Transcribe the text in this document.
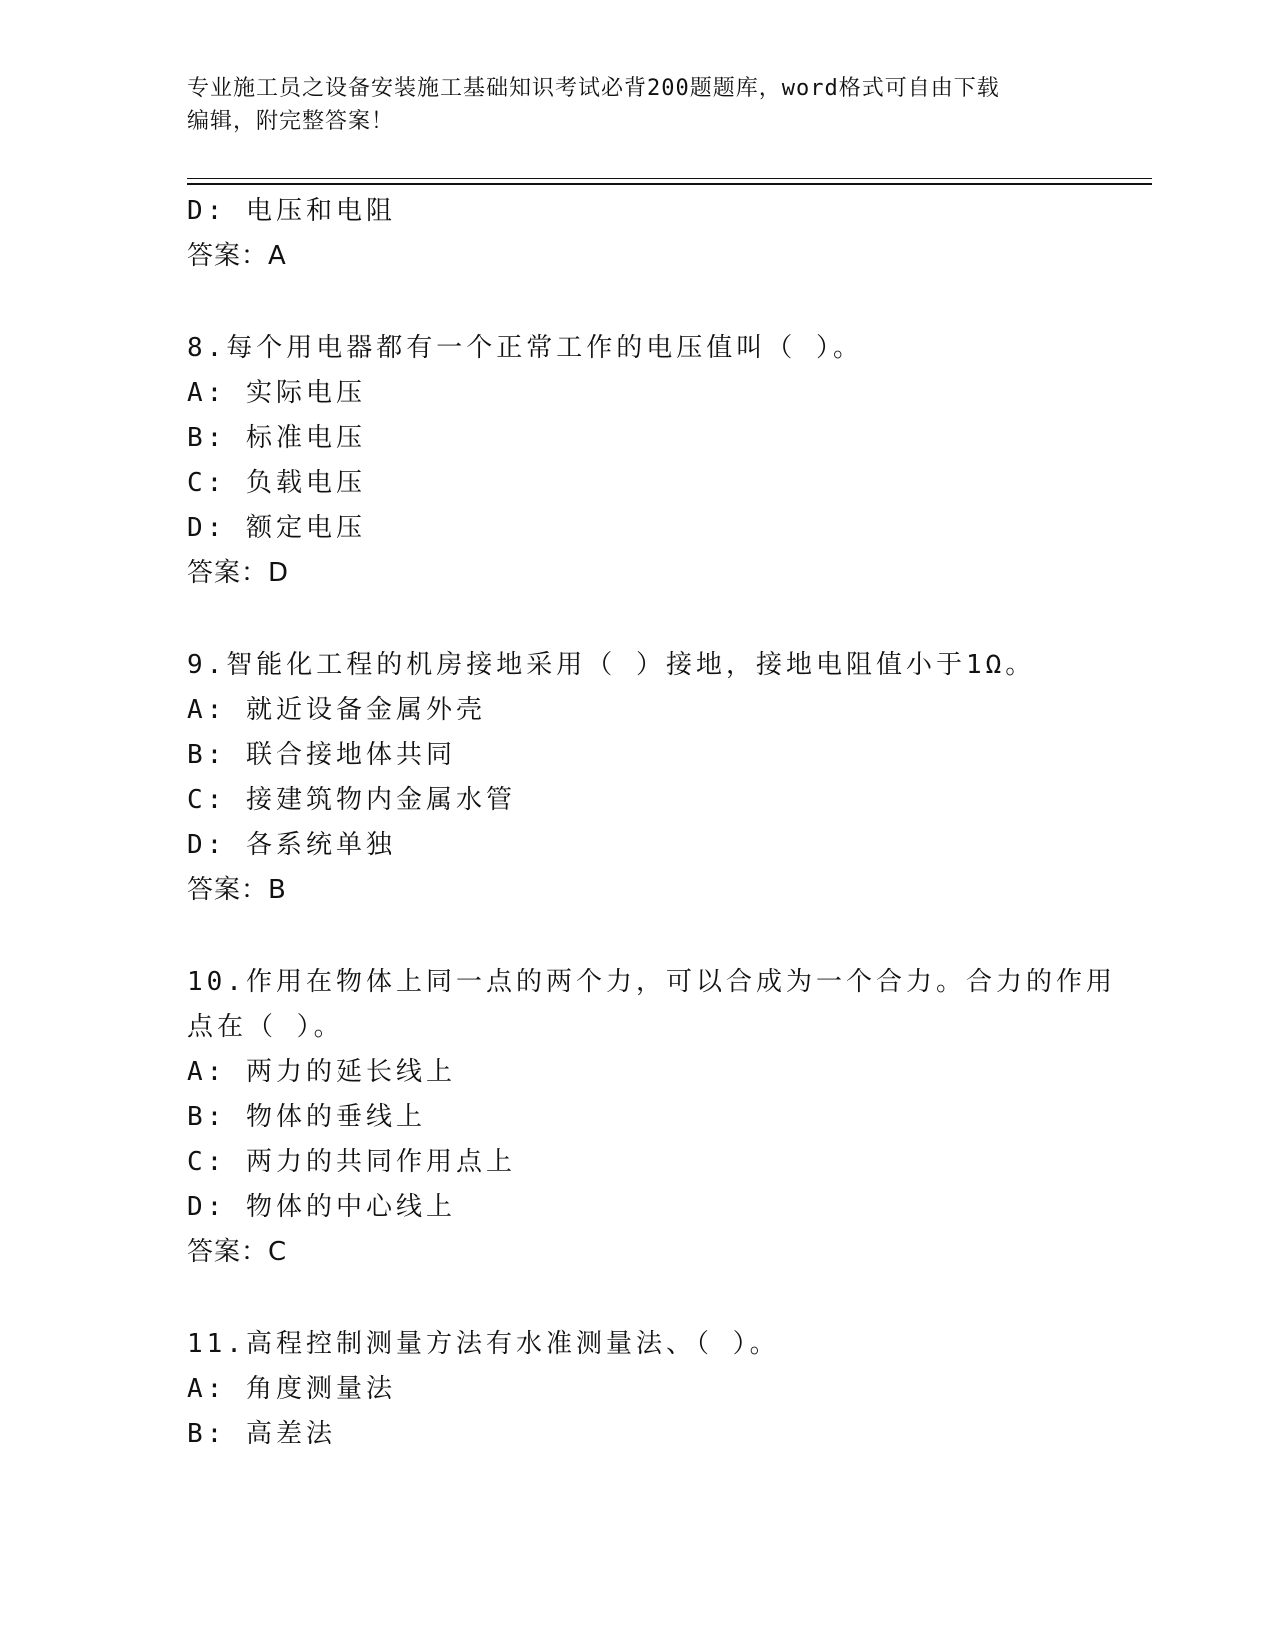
专业施工员之设备安装施工基础知识考试必背200题题库，word格式可自由下载
编辑，附完整答案！
D: 电压和电阻
答案：A
8.每个用电器都有一个正常工作的电压值叫（ ）。
A: 实际电压
B: 标准电压
C: 负载电压
D: 额定电压
答案：D
9.智能化工程的机房接地采用（ ）接地，接地电阻值小于1Ω。
A: 就近设备金属外壳
B: 联合接地体共同
C: 接建筑物内金属水管
D: 各系统单独
答案：B
10.作用在物体上同一点的两个力，可以合成为一个合力。合力的作用
点在（ ）。
A: 两力的延长线上
B: 物体的垂线上
C: 两力的共同作用点上
D: 物体的中心线上
答案：C
11.高程控制测量方法有水准测量法、（ ）。
A: 角度测量法
B: 高差法
